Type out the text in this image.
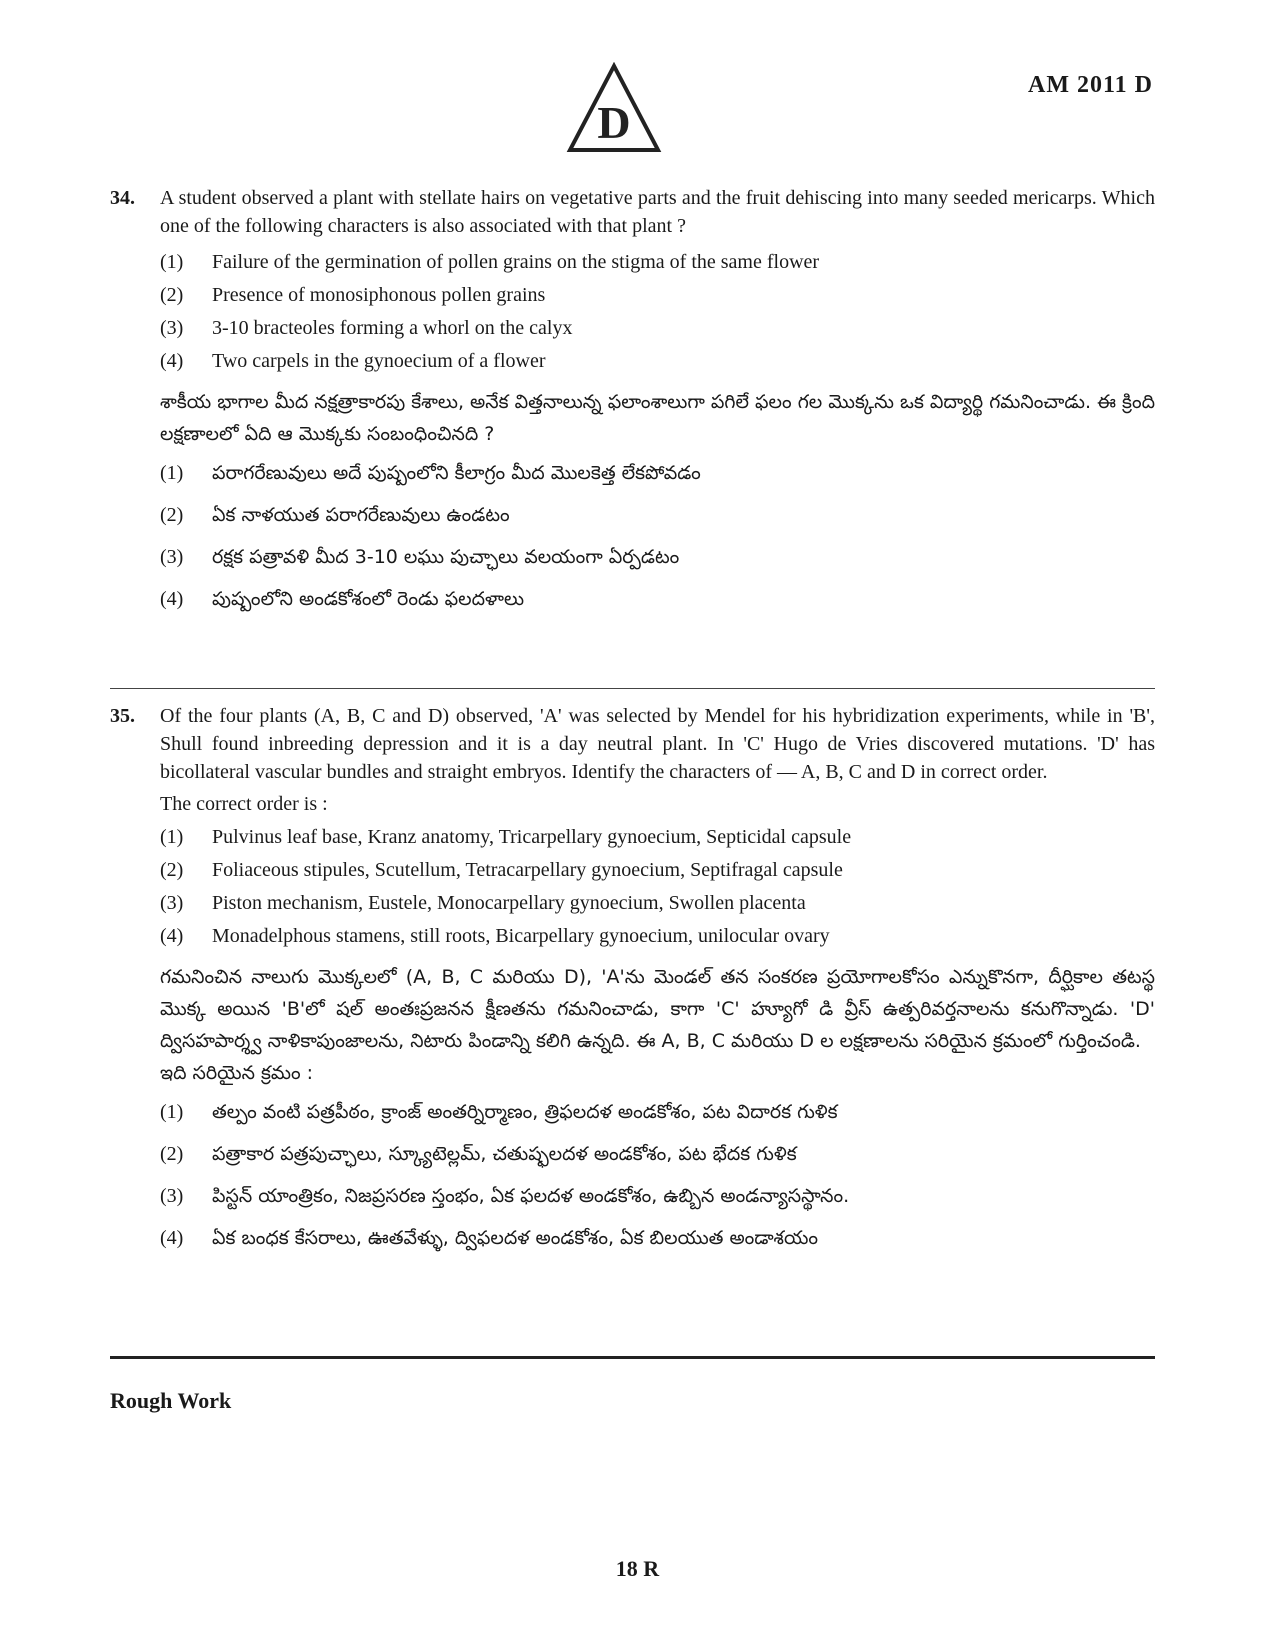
AM 2011 D
D
34.	A student observed a plant with stellate hairs on vegetative parts and the fruit dehiscing into many seeded mericarps. Which one of the following characters is also associated with that plant ?
(1)	Failure of the germination of pollen grains on the stigma of the same flower
(2)	Presence of monosiphonous pollen grains
(3)	3-10 bracteoles forming a whorl on the calyx
(4)	Two carpels in the gynoecium of a flower
శాకీయ భాగాల మీద నక్షత్రాకారపు కేశాలు, అనేక విత్తనాలున్న ఫలాంశాలుగా పగిలే ఫలం గల మొక్కను ఒక విద్యార్థి గమనించాడు. ఈ క్రింది లక్షణాలలో ఏది ఆ మొక్కకు సంబంధించినది ?
(1)	పరాగరేణువులు అదే పుష్పంలోని కీలాగ్రం మీద మొలకెత్త లేకపోవడం
(2)	ఏక నాళయుత పరాగరేణువులు ఉండటం
(3)	రక్షక పత్రావళి మీద 3-10 లఘు పుచ్ఛాలు వలయంగా ఏర్పడటం
(4)	పుష్పంలోని అండకోశంలో రెండు ఫలదళాలు
35.	Of the four plants (A, B, C and D) observed, 'A' was selected by Mendel for his hybridization experiments, while in 'B', Shull found inbreeding depression and it is a day neutral plant. In 'C' Hugo de Vries discovered mutations. 'D' has bicollateral vascular bundles and straight embryos. Identify the characters of — A, B, C and D in correct order.
The correct order is :
(1)	Pulvinus leaf base, Kranz anatomy, Tricarpellary gynoecium, Septicidal capsule
(2)	Foliaceous stipules, Scutellum, Tetracarpellary gynoecium, Septifragal capsule
(3)	Piston mechanism, Eustele, Monocarpellary gynoecium, Swollen placenta
(4)	Monadelphous stamens, still roots, Bicarpellary gynoecium, unilocular ovary
గమనించిన నాలుగు మొక్కలలో (A, B, C మరియు D), 'A'ను మెండల్ తన సంకరణ ప్రయోగాలకోసం ఎన్నుకొనగా, దీర్ఘికాల తటస్థ మొక్క అయిన 'B'లో షల్ అంతఃప్రజనన క్షీణతను గమనించాడు, కాగా 'C' హ్యూగో డి వ్రీస్ ఉత్పరివర్తనాలను కనుగొన్నాడు. 'D' ద్విసహపార్శ్వ నాళికాపుంజాలను, నిటారు పిండాన్ని కలిగి ఉన్నది. ఈ A, B, C మరియు D ల లక్షణాలను సరియైన క్రమంలో గుర్తించండి.
ఇది సరియైన క్రమం :
(1)	తల్పం వంటి పత్రపీఠం, క్రాంజ్ అంతర్నిర్మాణం, త్రిఫలదళ అండకోశం, పట విదారక గుళిక
(2)	పత్రాకార పత్రపుచ్ఛాలు, స్క్యూటెల్లమ్, చతుష్ఫలదళ అండకోశం, పట భేదక గుళిక
(3)	పిస్టన్ యాంత్రికం, నిజప్రసరణ స్తంభం, ఏక ఫలదళ అండకోశం, ఉబ్బిన అండన్యాసస్థానం.
(4)	ఏక బంధక కేసరాలు, ఊతవేళ్ళు, ద్విఫలదళ అండకోశం, ఏక బిలయుత అండాశయం
Rough Work
18 R
